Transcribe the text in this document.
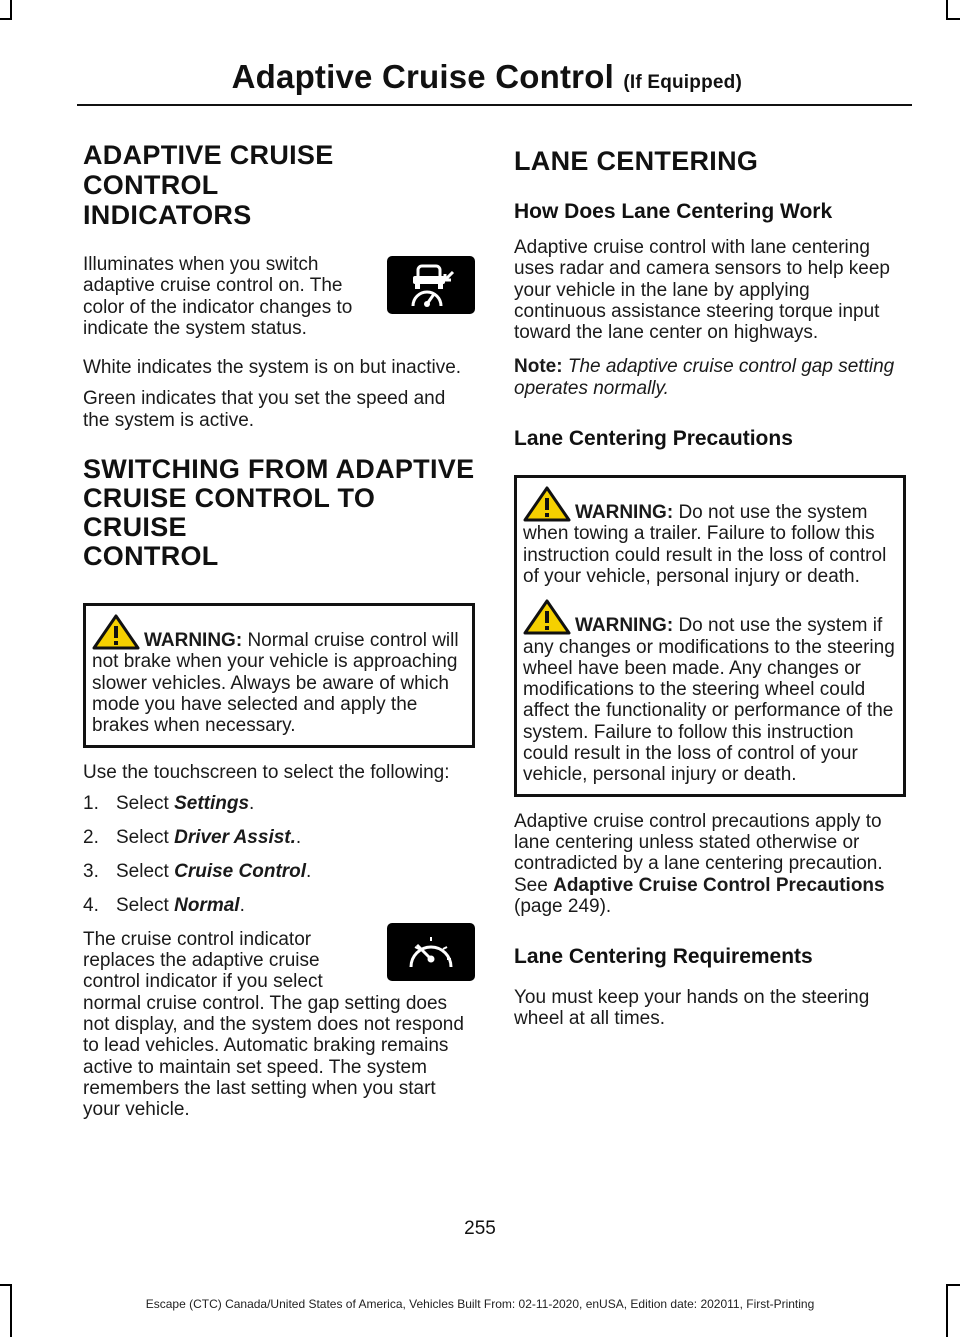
Adaptive Cruise Control (If Equipped)
ADAPTIVE CRUISE CONTROL
INDICATORS

Illuminates when you switch adaptive cruise control on. The color of the indicator changes to indicate the system status.

White indicates the system is on but inactive.

Green indicates that you set the speed and the system is active.

SWITCHING FROM ADAPTIVE
CRUISE CONTROL TO CRUISE
CONTROL

WARNING: Normal cruise control will not brake when your vehicle is approaching slower vehicles. Always be aware of which mode you have selected and apply the brakes when necessary.

Use the touchscreen to select the following:

1. Select Settings.
2. Select Driver Assist..
3. Select Cruise Control.
4. Select Normal.

The cruise control indicator replaces the adaptive cruise control indicator if you select normal cruise control. The gap setting does not display, and the system does not respond to lead vehicles. Automatic braking remains active to maintain set speed. The system remembers the last setting when you start your vehicle.

LANE CENTERING
How Does Lane Centering Work

Adaptive cruise control with lane centering uses radar and camera sensors to help keep your vehicle in the lane by applying continuous assistance steering torque input toward the lane center on highways.

Note: The adaptive cruise control gap setting operates normally.

Lane Centering Precautions

WARNING: Do not use the system when towing a trailer. Failure to follow this instruction could result in the loss of control of your vehicle, personal injury or death.

WARNING: Do not use the system if any changes or modifications to the steering wheel have been made. Any changes or modifications to the steering wheel could affect the functionality or performance of the system. Failure to follow this instruction could result in the loss of control of your vehicle, personal injury or death.

Adaptive cruise control precautions apply to lane centering unless stated otherwise or contradicted by a lane centering precaution. See Adaptive Cruise Control Precautions (page 249).

Lane Centering Requirements

You must keep your hands on the steering wheel at all times.

255
Escape (CTC) Canada/United States of America, Vehicles Built From: 02-11-2020, enUSA, Edition date: 202011, First-Printing
